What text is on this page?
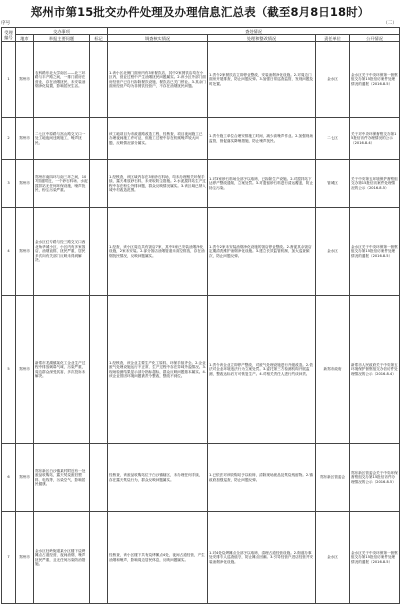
郑州市第15批交办件处理及办理信息汇总表（截至8月8日18时）
序号	（二）
受理编号	交办事项			查处情况			
	地市	举报主要问题	标记	调查核实情况	处理和整改情况	责任单位	公开情况
1	郑州市	农科路东北大学南区——北三环路与丰产路之间，一排门面房在营业，存在油烟扰民，未安装油烟净化装置，影响居民生活。		1.该小区北侧门面房内有3家餐饮店，其中2家餐饮店均在小区内，营业过程中产生油烟扰民问题属实。2.该小区外部门面房经营户已自行拆除餐饮设施，餐饮店已关门停业。3.其余门面房经营户均为非餐饮经营户，不存在油烟扰民问题。	1.责令2家餐饮店立即停业整改，安装油烟净化设施。2.对周边门面房开展排查，防止问题反弹。3.加强日常巡查监管，发现问题及时处置。	金水区	金水区关于中央环保第一督察组交办第15批信访案件处理情况的通报（2016.8.5）
2	郑州市	二七区中原路与嵩山路交叉口一处工地夜间违规施工，噪声扰民。		该工地项目为市政道路改造工程，经核查，项目夜间施工已办理夜间施工许可证，但施工过程中存在机械噪声较大问题，反映情况部分属实。	1.责令施工单位合理安排施工时间，减少高噪声作业。2.加强现场监管，督促落实降噪措施，防止噪声扰民。	二七区	关于对中央环保督察交办第15批信访件办理情况的公示（2016.8.4）
3	郑州市	郑州市南四环与南三环之间，107国道附近，一个砂石料场、水泥搅拌站无任何环保设施，噪声扰民，粉尘污染严重。		1.经核查，该区域内存在3家砂石料场，均未办理相关环保手续，露天堆放砂石料，未采取防尘措施。2.水泥搅拌站生产过程中存在粉尘外排问题，群众反映情况属实。3.该区域已纳入城中村改造范围。	1.对3家砂石料场全部予以取缔，已拆除生产设施。2.对搅拌站下达停产整改通知，立案处罚。3.对遗留砂石料进行清运覆盖，防止扬尘污染。	管城区	关于中央第五环境保护督察组交办第15批信访案件处理情况的公示（2016.8.5）
4	郑州市	金水区红专路与经三路交叉口西北角华城小区，小区内有多家饭店，油烟直排，扰民严重，居民多次向有关部门反映未得到解决。		1.经查，该小区周边共有饭店7家，其中5家已安装油烟净化设施，2家未安装。2.部分饭店油烟管道未高空排放，存在油烟扰民情况，反映问题属实。	1.责令2家未安装油烟净化设施的饭店停业整改。2.督促其余饭店定期清洗维护油烟净化设施。3.建立长效监管机制，加大巡查频次，防止问题反弹。	金水区	金水区关于中央环保第一督察组交办第15批信访案件处理情况的通报（2016.8.5）
5	郑州市	新郑市龙湖镇某化工企业生产过程中排放刺鼻气味，污染严重，周边群众深受其害，多次投诉未解决。		1.经核查，该企业主要生产化工原料，环保手续齐全。2.企业废气处理设施运行不正常，生产过程中存在异味外溢情况。3.现场检测结果显示部分指标超标，群众反映问题基本属实。4.该企业曾因环境问题被责令整改，整改不到位。	1.责令该企业立即停产整改，对废气处理设施进行升级改造。2.依法对企业环境违法行为立案处罚。3.委托第三方检测机构开展监测，整改达标后方可恢复生产。4.对相关责任人进行约谈问责。	新郑市政府	新郑市人民政府关于中央第五环境保护督察组交办信访件处理情况的公示（2016.8.4）
6	郑州市	郑东新区白沙镇某村附近有一处废品收购站，露天焚烧废旧塑料、电线等，污染空气，影响居民健康。		经核查，该废品收购站位于白沙镇辖区，未办理任何手续，存在露天焚烧行为，群众反映问题属实。	1.已依法对该收购站予以取缔，清除现场废品及焚烧残留物。2.镇政府加强巡查，防止问题反弹。	郑东新区管委会	郑东新区管委会关于中央环保督察组交办第15批信访件办理情况的公示（2016.8.5）
7	郑州市	金水区杜岭街道某小区楼下烧烤摊点占道经营，夜间油烟、噪声扰民严重，且无任何污染防治措施。		经核查，该小区楼下共有烧烤摊点4处，夜间占道经营，产生油烟和噪声，影响周边居民休息，反映问题属实。	1.对4处烧烤摊点全部予以取缔，清理占道经营设施。2.街道办事处安排专人巡查值守，防止摊点回潮。3.引导经营户进店经营并安装油烟净化设施。	金水区	金水区关于中央环保第一督察组交办第15批信访案件处理情况的通报（2016.8.5）
